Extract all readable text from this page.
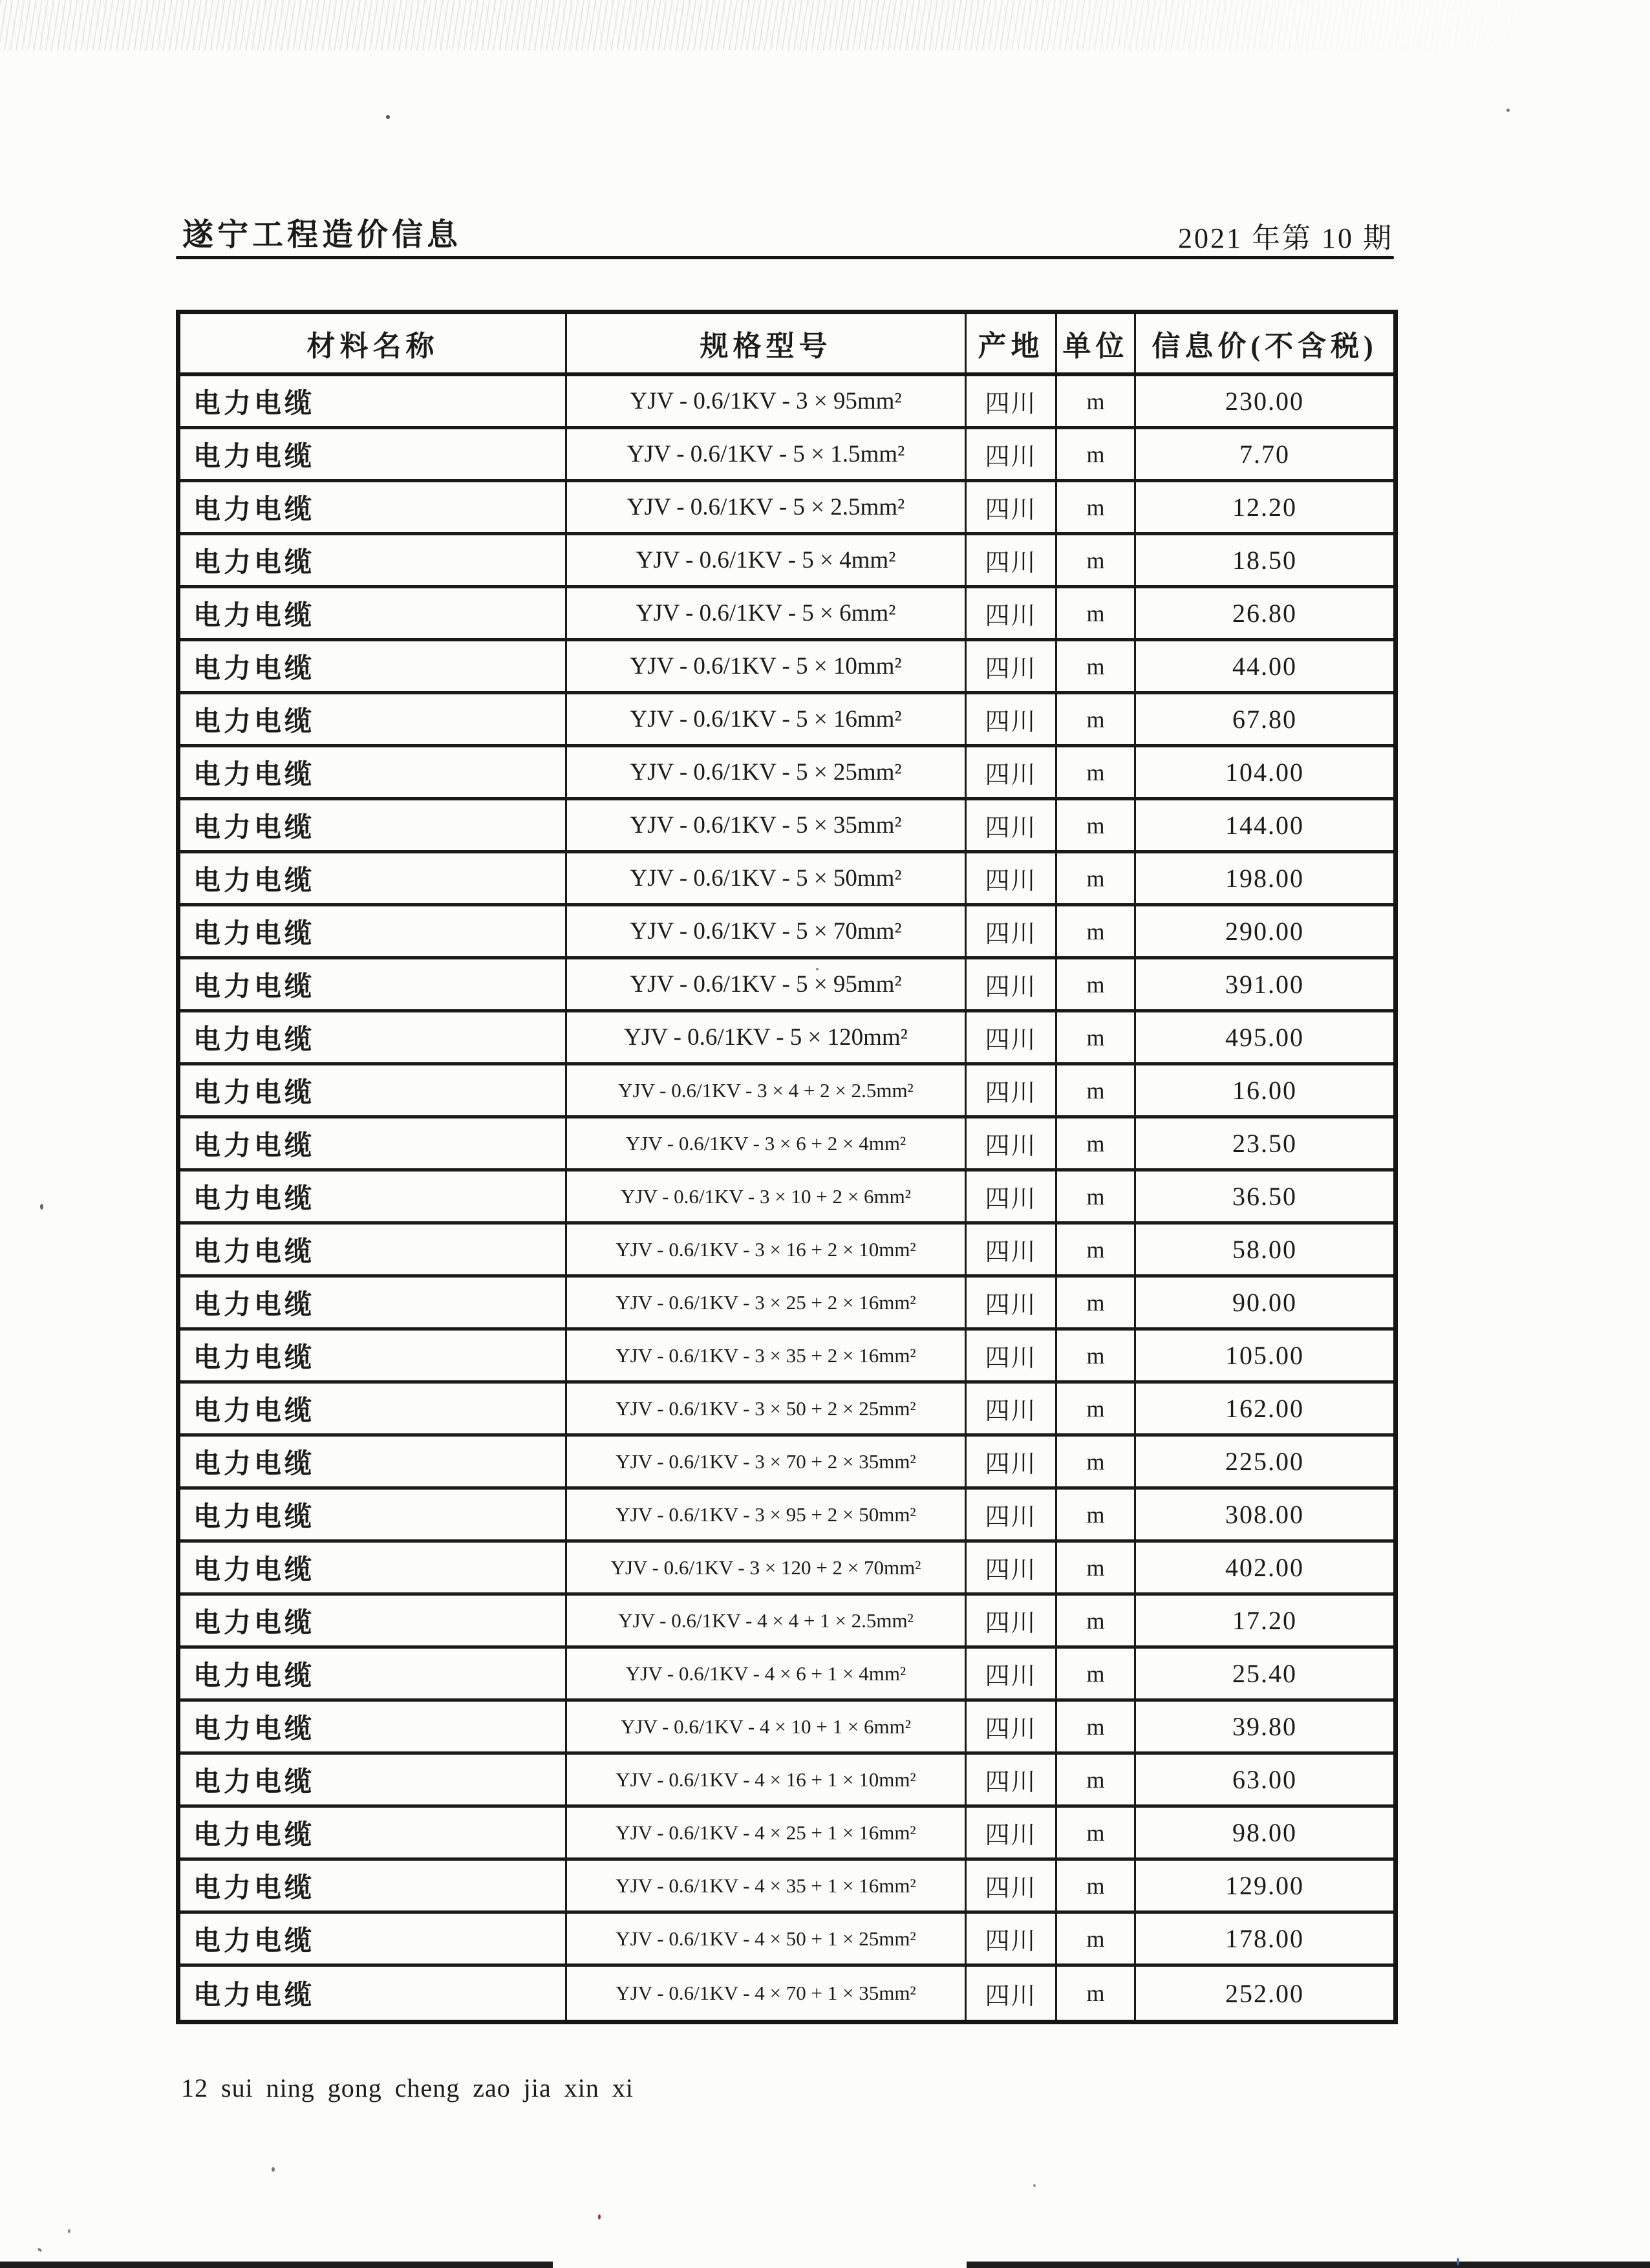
遂宁工程造价信息	2021 年第 10 期
材料名称	规格型号	产地 单位 信息价(不含税)
电力电缆	YJV - 0.6/1KV - 3 × 95mm²	四川	m	230.00
电力电缆	YJV - 0.6/1KV - 5 × 1.5mm²	四川	m	7.70
电力电缆	YJV - 0.6/1KV - 5 × 2.5mm²	四川	m	12.20
电力电缆	YJV - 0.6/1KV - 5 × 4mm²	四川	m	18.50
电力电缆	YJV - 0.6/1KV - 5 × 6mm²	四川	m	26.80
电力电缆	YJV - 0.6/1KV - 5 × 10mm²	四川	m	44.00
电力电缆	YJV - 0.6/1KV - 5 × 16mm²	四川	m	67.80
电力电缆	YJV - 0.6/1KV - 5 × 25mm²	四川	m	104.00
电力电缆	YJV - 0.6/1KV - 5 × 35mm²	四川	m	144.00
电力电缆	YJV - 0.6/1KV - 5 × 50mm²	四川	m	198.00
电力电缆	YJV - 0.6/1KV - 5 × 70mm²	四川	m	290.00
电力电缆	YJV - 0.6/1KV - 5 × 95mm²	四川	m	391.00
电力电缆	YJV - 0.6/1KV - 5 × 120mm²	四川	m	495.00
电力电缆	YJV - 0.6/1KV - 3 × 4 + 2 × 2.5mm²	四川	m	16.00
电力电缆	YJV - 0.6/1KV - 3 × 6 + 2 × 4mm²	四川	m	23.50
电力电缆	YJV - 0.6/1KV - 3 × 10 + 2 × 6mm²	四川	m	36.50
电力电缆	YJV - 0.6/1KV - 3 × 16 + 2 × 10mm²	四川	m	58.00
电力电缆	YJV - 0.6/1KV - 3 × 25 + 2 × 16mm²	四川	m	90.00
电力电缆	YJV - 0.6/1KV - 3 × 35 + 2 × 16mm²	四川	m	105.00
电力电缆	YJV - 0.6/1KV - 3 × 50 + 2 × 25mm²	四川	m	162.00
电力电缆	YJV - 0.6/1KV - 3 × 70 + 2 × 35mm²	四川	m	225.00
电力电缆	YJV - 0.6/1KV - 3 × 95 + 2 × 50mm²	四川	m	308.00
电力电缆	YJV - 0.6/1KV - 3 × 120 + 2 × 70mm²	四川	m	402.00
电力电缆	YJV - 0.6/1KV - 4 × 4 + 1 × 2.5mm²	四川	m	17.20
电力电缆	YJV - 0.6/1KV - 4 × 6 + 1 × 4mm²	四川	m	25.40
电力电缆	YJV - 0.6/1KV - 4 × 10 + 1 × 6mm²	四川	m	39.80
电力电缆	YJV - 0.6/1KV - 4 × 16 + 1 × 10mm²	四川	m	63.00
电力电缆	YJV - 0.6/1KV - 4 × 25 + 1 × 16mm²	四川	m	98.00
电力电缆	YJV - 0.6/1KV - 4 × 35 + 1 × 16mm²	四川	m	129.00
电力电缆	YJV - 0.6/1KV - 4 × 50 + 1 × 25mm²	四川	m	178.00
电力电缆	YJV - 0.6/1KV - 4 × 70 + 1 × 35mm²	四川	m	252.00
12 sui ning gong cheng zao jia xin xi
